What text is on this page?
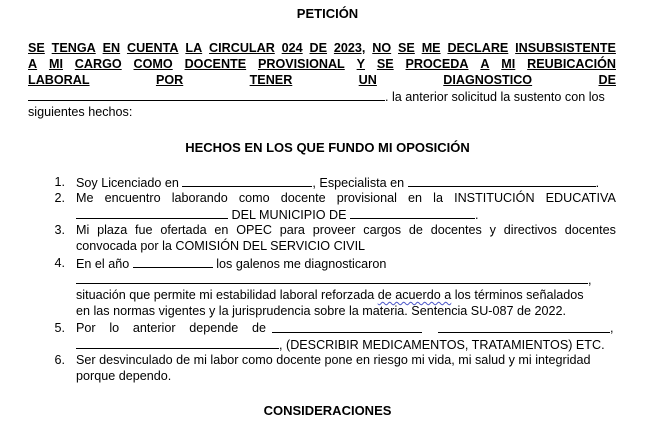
PETICIÓN
SE TENGA EN CUENTA LA CIRCULAR 024 DE 2023, NO SE ME DECLARE INSUBSISTENTE
A MI CARGO COMO DOCENTE PROVISIONAL Y SE PROCEDA A MI REUBICACIÓN
LABORAL	POR	TENER	UN	DIAGNOSTICO	DE
. la anterior solicitud la sustento con los
siguientes hechos:
HECHOS EN LOS QUE FUNDO MI OPOSICIÓN
1. Soy Licenciado en	, Especialista en	.
2. Me encuentro laborando como docente provisional en la INSTITUCIÓN EDUCATIVA
DEL MUNICIPIO DE	.
3. Mi plaza fue ofertada en OPEC para proveer cargos de docentes y directivos docentes
convocada por la COMISIÓN DEL SERVICIO CIVIL
4. En el año	los galenos me diagnosticaron
,
situación que permite mi estabilidad laboral reforzada de acuerdo a los términos señalados
en las normas vigentes y la jurisprudencia sobre la materia. Sentencia SU-087 de 2022.
5. Por lo anterior depende de	,
, (DESCRIBIR MEDICAMENTOS, TRATAMIENTOS) ETC.
6. Ser desvinculado de mi labor como docente pone en riesgo mi vida, mi salud y mi integridad
porque dependo.
CONSIDERACIONES
